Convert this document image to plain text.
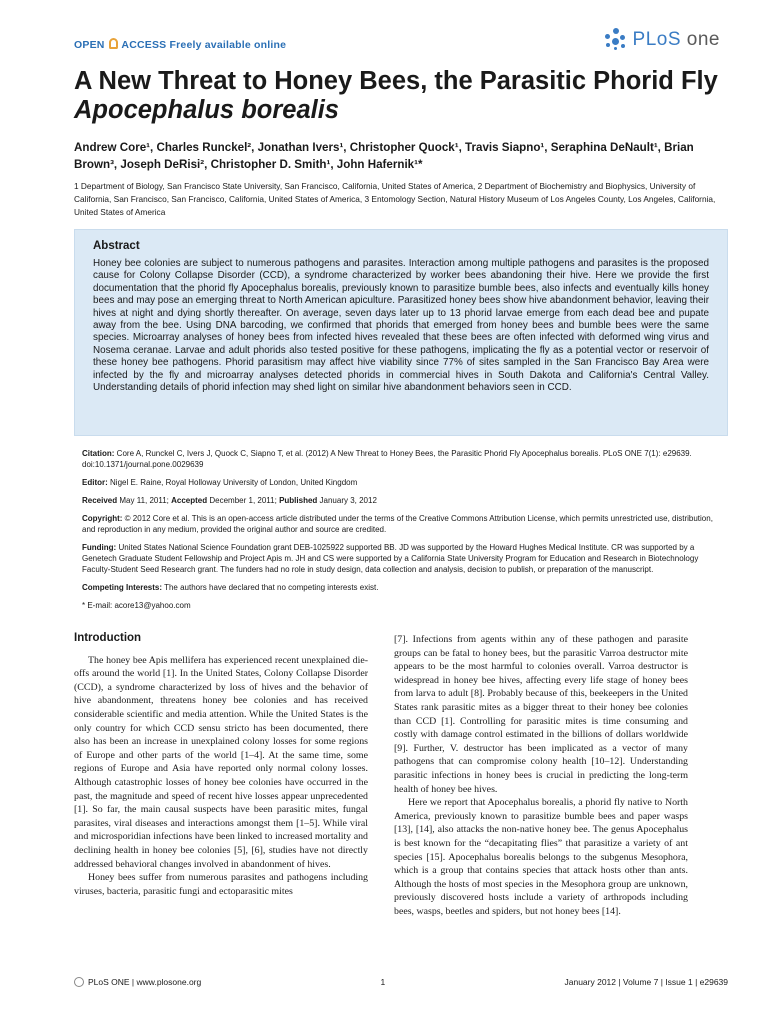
OPEN ACCESS Freely available online	PLoS one
A New Threat to Honey Bees, the Parasitic Phorid Fly
Apocephalus borealis
Andrew Core¹, Charles Runckel², Jonathan Ivers¹, Christopher Quock¹, Travis Siapno¹, Seraphina DeNault¹, Brian Brown³, Joseph DeRisi², Christopher D. Smith¹, John Hafernik¹*
1 Department of Biology, San Francisco State University, San Francisco, California, United States of America, 2 Department of Biochemistry and Biophysics, University of California, San Francisco, San Francisco, California, United States of America, 3 Entomology Section, Natural History Museum of Los Angeles County, Los Angeles, California, United States of America
Abstract

Honey bee colonies are subject to numerous pathogens and parasites. Interaction among multiple pathogens and parasites is the proposed cause for Colony Collapse Disorder (CCD), a syndrome characterized by worker bees abandoning their hive. Here we provide the first documentation that the phorid fly Apocephalus borealis, previously known to parasitize bumble bees, also infects and eventually kills honey bees and may pose an emerging threat to North American apiculture. Parasitized honey bees show hive abandonment behavior, leaving their hives at night and dying shortly thereafter. On average, seven days later up to 13 phorid larvae emerge from each dead bee and pupate away from the bee. Using DNA barcoding, we confirmed that phorids that emerged from honey bees and bumble bees were the same species. Microarray analyses of honey bees from infected hives revealed that these bees are often infected with deformed wing virus and Nosema ceranae. Larvae and adult phorids also tested positive for these pathogens, implicating the fly as a potential vector or reservoir of these honey bee pathogens. Phorid parasitism may affect hive viability since 77% of sites sampled in the San Francisco Bay Area were infected by the fly and microarray analyses detected phorids in commercial hives in South Dakota and California's Central Valley. Understanding details of phorid infection may shed light on similar hive abandonment behaviors seen in CCD.

Citation: Core A, Runckel C, Ivers J, Quock C, Siapno T, et al. (2012) A New Threat to Honey Bees, the Parasitic Phorid Fly Apocephalus borealis. PLoS ONE 7(1): e29639. doi:10.1371/journal.pone.0029639

Editor: Nigel E. Raine, Royal Holloway University of London, United Kingdom

Received May 11, 2011; Accepted December 1, 2011; Published January 3, 2012

Copyright: © 2012 Core et al. This is an open-access article distributed under the terms of the Creative Commons Attribution License, which permits unrestricted use, distribution, and reproduction in any medium, provided the original author and source are credited.

Funding: United States National Science Foundation grant DEB-1025922 supported BB. JD was supported by the Howard Hughes Medical Institute. CR was supported by a Genetech Graduate Student Fellowship and Project Apis m. JH and CS were supported by a California State University Program for Education and Research in Biotechnology Faculty-Student Seed Research grant. The funders had no role in study design, data collection and analysis, decision to publish, or preparation of the manuscript.

Competing Interests: The authors have declared that no competing interests exist.

* E-mail: acore13@yahoo.com

Introduction

The honey bee Apis mellifera has experienced recent unexplained die-offs around the world [1]. In the United States, Colony Collapse Disorder (CCD), a syndrome characterized by loss of hives and the behavior of hive abandonment, threatens honey bee colonies and has received considerable scientific and media attention. While the United States is the only country for which CCD sensu stricto has been documented, there also has been an increase in unexplained colony losses for some regions of Europe and other parts of the world [1–4]. At the same time, some regions of Europe and Asia have reported only normal colony losses. Although catastrophic losses of honey bee colonies have occurred in the past, the magnitude and speed of recent hive losses appear unprecedented [1]. So far, the main causal suspects have been parasitic mites, fungal parasites, viral diseases and interactions amongst them [1–5]. While viral and microsporidian infections have been linked to increased mortality and declining health in honey bee colonies [5], [6], studies have not directly addressed behavioral changes involved in abandonment of hives.

Honey bees suffer from numerous parasites and pathogens including viruses, bacteria, parasitic fungi and ectoparasitic mites

[7]. Infections from agents within any of these pathogen and parasite groups can be fatal to honey bees, but the parasitic Varroa destructor mite appears to be the most harmful to colonies overall. Varroa destructor is widespread in honey bee hives, affecting every life stage of honey bees from larva to adult [8]. Probably because of this, beekeepers in the United States rank parasitic mites as a bigger threat to their honey bee colonies than CCD [1]. Controlling for parasitic mites is time consuming and costly with damage control estimated in the billions of dollars worldwide [9]. Further, V. destructor has been implicated as a vector of many pathogens that can compromise colony health [10–12]. Understanding parasitic infections in honey bees is crucial in predicting the long-term health of honey bee hives.

Here we report that Apocephalus borealis, a phorid fly native to North America, previously known to parasitize bumble bees and paper wasps [13], [14], also attacks the non-native honey bee. The genus Apocephalus is best known for the “decapitating flies” that parasitize a variety of ant species [15]. Apocephalus borealis belongs to the subgenus Mesophora, which is a group that contains species that attack hosts other than ants. Although the hosts of most species in the Mesophora group are unknown, previously discovered hosts include a variety of arthropods including bees, wasps, beetles and spiders, but not honey bees [14].

PLoS ONE | www.plosone.org	1	January 2012 | Volume 7 | Issue 1 | e29639
